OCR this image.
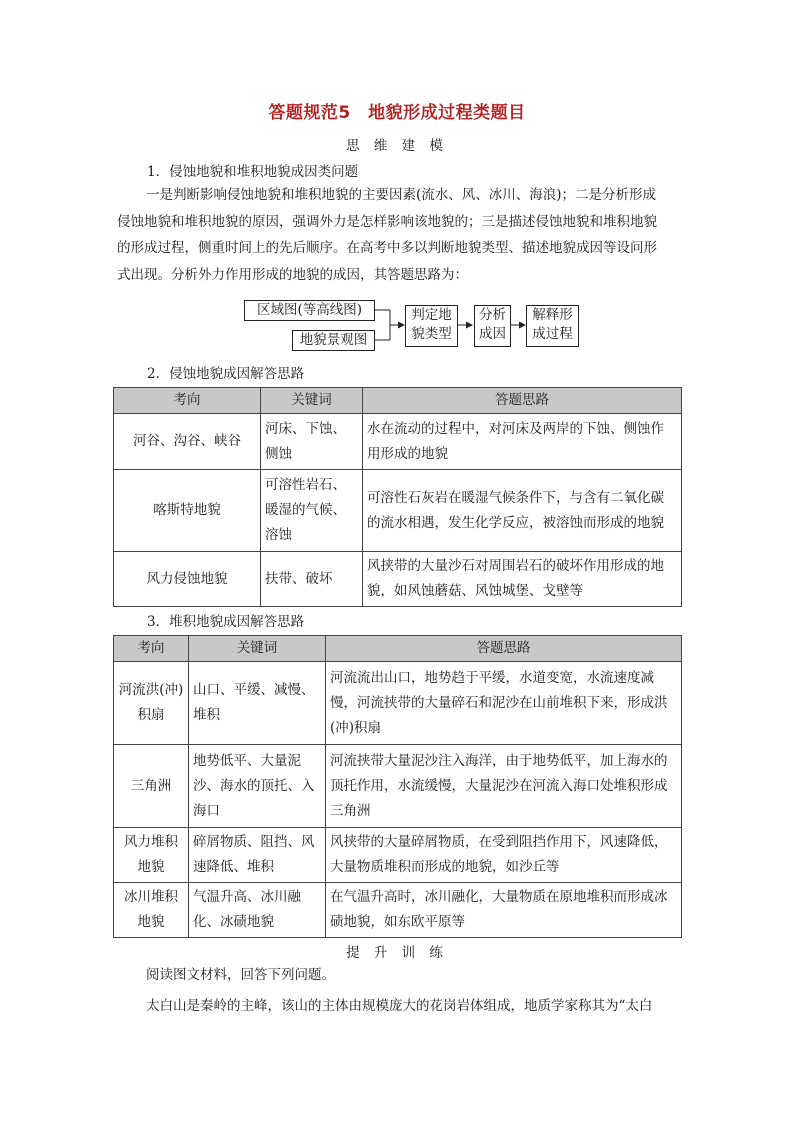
答题规范5　地貌形成过程类题目
思 维 建 模
1．侵蚀地貌和堆积地貌成因类问题

一是判断影响侵蚀地貌和堆积地貌的主要因素(流水、风、冰川、海浪)；二是分析形成

侵蚀地貌和堆积地貌的原因，强调外力是怎样影响该地貌的；三是描述侵蚀地貌和堆积地貌

的形成过程，侧重时间上的先后顺序。在高考中多以判断地貌类型、描述地貌成因等设问形

式出现。分析外力作用形成的地貌的成因，其答题思路为：

区域图(等高线图)
地貌景观图
判定地
貌类型
分析
成因
解释形
成过程
2．侵蚀地貌成因解答思路
考向	关键词	答题思路
河谷、沟谷、峡谷	河床、下蚀、侧蚀	水在流动的过程中，对河床及两岸的下蚀、侧蚀作用形成的地貌
喀斯特地貌	可溶性岩石、暖湿的气候、溶蚀	可溶性石灰岩在暖湿气候条件下，与含有二氧化碳的流水相遇，发生化学反应，被溶蚀而形成的地貌
风力侵蚀地貌	扶带、破坏	风挟带的大量沙石对周围岩石的破坏作用形成的地貌，如风蚀蘑菇、风蚀城堡、戈壁等
3．堆积地貌成因解答思路
考向	关键词	答题思路
河流洪(冲)积扇	山口、平缓、减慢、堆积	河流流出山口，地势趋于平缓，水道变宽，水流速度减慢，河流挟带的大量碎石和泥沙在山前堆积下来，形成洪(冲)积扇
三角洲	地势低平、大量泥沙、海水的顶托、入海口	河流挟带大量泥沙注入海洋，由于地势低平，加上海水的顶托作用，水流缓慢，大量泥沙在河流入海口处堆积形成三角洲
风力堆积地貌	碎屑物质、阻挡、风速降低、堆积	风挟带的大量碎屑物质，在受到阻挡作用下，风速降低，大量物质堆积而形成的地貌，如沙丘等
冰川堆积地貌	气温升高、冰川融化、冰碛地貌	在气温升高时，冰川融化，大量物质在原地堆积而形成冰碛地貌，如东欧平原等
提 升 训 练

阅读图文材料，回答下列问题。

太白山是秦岭的主峰，该山的主体由规模庞大的花岗岩体组成，地质学家称其为“太白
